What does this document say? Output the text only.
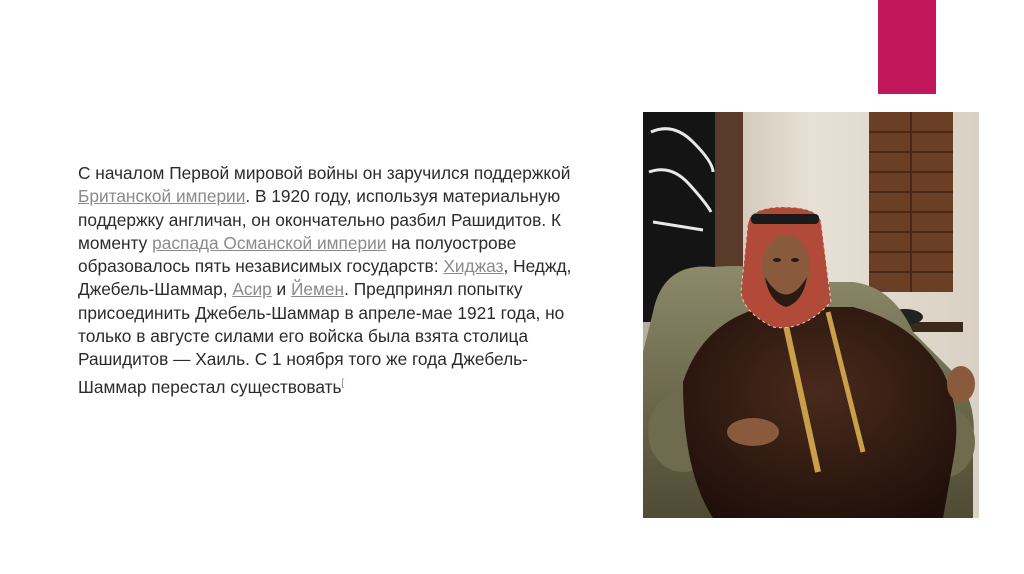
С началом Первой мировой войны он заручился поддержкой Британской империи. В 1920 году, используя материальную поддержку англичан, он окончательно разбил Рашидитов. К моменту распада Османской империи на полуострове образовалось пять независимых государств: Хиджаз, Неджд, Джебель-Шаммар, Асир и Йемен. Предпринял попытку присоединить Джебель-Шаммар в апреле-мае 1921 года, но только в августе силами его войска была взята столица Рашидитов — Хаиль. С 1 ноября того же года Джебель-Шаммар перестал существовать[
